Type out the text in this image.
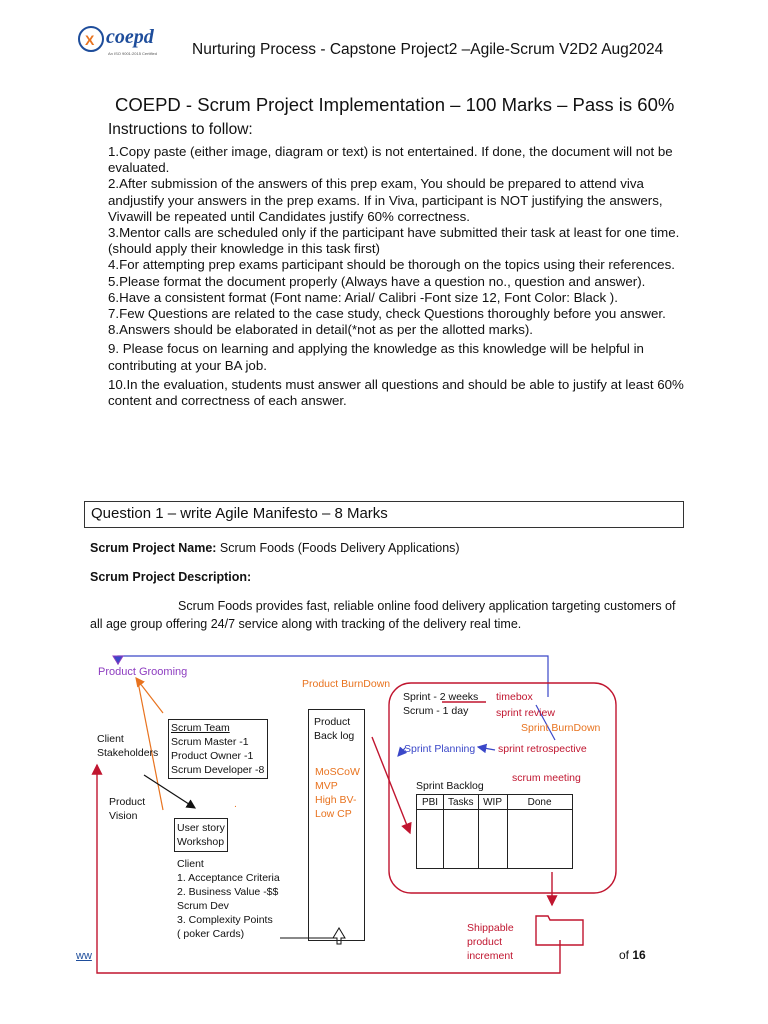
X coepd
An ISO 9001:2015 Certified Nurturing Process - Capstone Project2 –Agile-Scrum V2D2 Aug2024
COEPD - Scrum Project Implementation – 100 Marks – Pass is 60%
Instructions to follow:

1.Copy paste (either image, diagram or text) is not entertained. If done, the document will not be evaluated.

2.After submission of the answers of this prep exam, You should be prepared to attend viva andjustify your answers in the prep exams. If in Viva, participant is NOT justifying the answers, Vivawill be repeated until Candidates justify 60% correctness.

3.Mentor calls are scheduled only if the participant have submitted their task at least for one time.

(should apply their knowledge in this task first)

4.For attempting prep exams participant should be thorough on the topics using their references.

5.Please format the document properly (Always have a question no., question and answer).

6.Have a consistent format (Font name: Arial/ Calibri -Font size 12, Font Color: Black ).

7.Few Questions are related to the case study, check Questions thoroughly before you answer.

8.Answers should be elaborated in detail(*not as per the allotted marks).

9. Please focus on learning and applying the knowledge as this knowledge will be helpful in contributing at your BA job.

10.In the evaluation, students must answer all questions and should be able to justify at least 60% content and correctness of each answer.

Question 1 – write Agile Manifesto – 8 Marks
Scrum Project Name: Scrum Foods (Foods Delivery Applications)
Scrum Project Description:
Scrum Foods provides fast, reliable online food delivery application targeting customers of all age group offering 24/7 service along with tracking of the delivery real time.
Product Grooming
Client
Stakeholders
Scrum Team
Scrum Master -1
Product Owner -1
Scrum Developer -8
Product
Vision
.
User story
Workshop
Client
1. Acceptance Criteria
2. Business Value -$$
Scrum Dev
3. Complexity Points
( poker Cards)
Product BurnDown
Product
Back log
MoSCoW
MVP
High BV-
Low CP
Sprint - 2 weeks
Scrum - 1 day
timebox
sprint review
Sprint BurnDown
Sprint Planning sprint retrospective
scrum meeting
Sprint Backlog
PBI	Tasks	WIP	Done

Shippable
product
increment
ww	of 16
